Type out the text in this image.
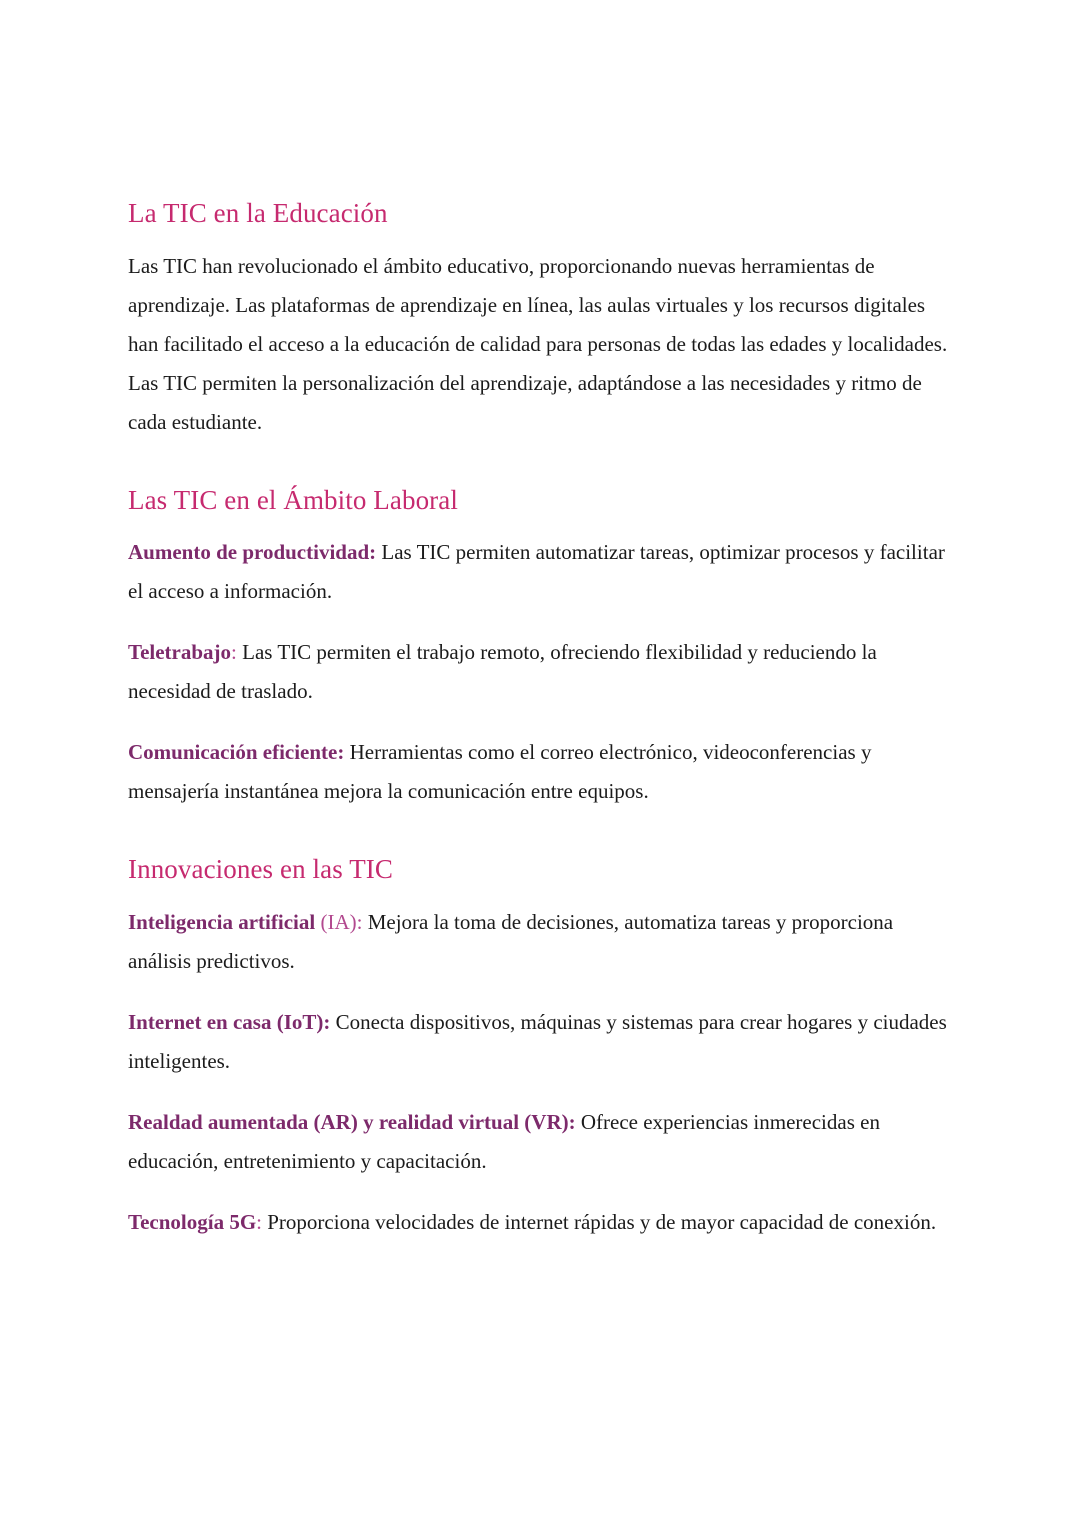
La TIC en la Educación

Las TIC han revolucionado el ámbito educativo, proporcionando nuevas herramientas de aprendizaje. Las plataformas de aprendizaje en línea, las aulas virtuales y los recursos digitales han facilitado el acceso a la educación de calidad para personas de todas las edades y localidades. Las TIC permiten la personalización del aprendizaje, adaptándose a las necesidades y ritmo de cada estudiante.

Las TIC en el Ámbito Laboral

Aumento de productividad: Las TIC permiten automatizar tareas, optimizar procesos y facilitar el acceso a información.

Teletrabajo: Las TIC permiten el trabajo remoto, ofreciendo flexibilidad y reduciendo la necesidad de traslado.

Comunicación eficiente: Herramientas como el correo electrónico, videoconferencias y mensajería instantánea mejora la comunicación entre equipos.

Innovaciones en las TIC

Inteligencia artificial (IA): Mejora la toma de decisiones, automatiza tareas y proporciona análisis predictivos.

Internet en casa (IoT): Conecta dispositivos, máquinas y sistemas para crear hogares y ciudades inteligentes.

Realdad aumentada (AR) y realidad virtual (VR): Ofrece experiencias inmerecidas en educación, entretenimiento y capacitación.

Tecnología 5G: Proporciona velocidades de internet rápidas y de mayor capacidad de conexión.
